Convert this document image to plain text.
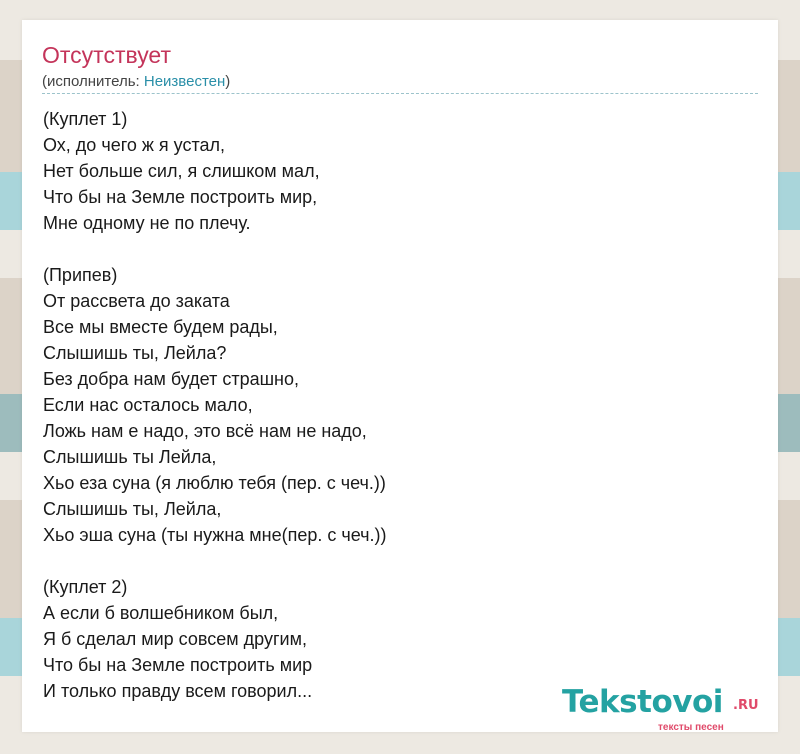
Отсутствует
(исполнитель: Неизвестен)
(Куплет 1)
Ох, до чего ж я устал,
Нет больше сил, я слишком мал,
Что бы на Земле построить мир,
Мне одному не по плечу.
(Припев)
От рассвета до заката
Все мы вместе будем рады,
Слышишь ты, Лейла?
Без добра нам будет страшно,
Если нас осталось мало,
Ложь нам е надо, это всё нам не надо,
Слышишь ты Лейла,
Хьо еза суна (я люблю тебя (пер. с чеч.))
Слышишь ты, Лейла,
Хьо эша суна (ты нужна мне(пер. с чеч.))
(Куплет 2)
А если б волшебником был,
Я б сделал мир совсем другим,
Что бы на Земле построить мир
И только правду всем говорил...	Tekstovoi .RU
тексты песен
